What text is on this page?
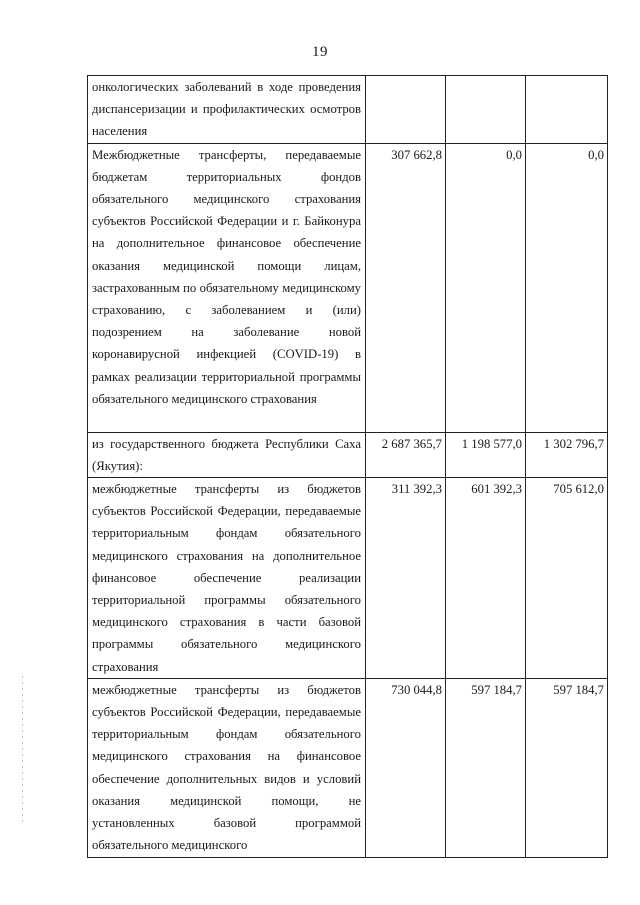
19
онкологических заболеваний в ходе проведения диспансеризации и профилактических осмотров населения			
Межбюджетные трансферты, передаваемые бюджетам территориальных фондов обязательного медицинского страхования субъектов Российской Федерации и г. Байконура на дополнительное финансовое обеспечение оказания медицинской помощи лицам, застрахованным по обязательному медицинскому страхованию, с заболеванием и (или) подозрением на заболевание новой коронавирусной инфекцией (COVID-19) в рамках реализации территориальной программы обязательного медицинского страхования	307 662,8	0,0	0,0
из государственного бюджета Республики Саха (Якутия):	2 687 365,7	1 198 577,0	1 302 796,7
межбюджетные трансферты из бюджетов субъектов Российской Федерации, передаваемые территориальным фондам обязательного медицинского страхования на дополнительное финансовое обеспечение реализации территориальной программы обязательного медицинского страхования в части базовой программы обязательного медицинского страхования	311 392,3	601 392,3	705 612,0
межбюджетные трансферты из бюджетов субъектов Российской Федерации, передаваемые территориальным фондам обязательного медицинского страхования на финансовое обеспечение дополнительных видов и условий оказания медицинской помощи, не установленных базовой программой обязательного медицинского	730 044,8	597 184,7	597 184,7
